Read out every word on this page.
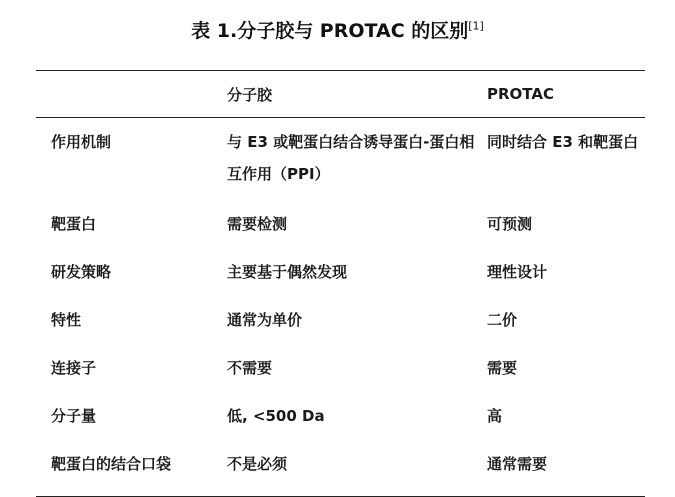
表 1.分子胶与 PROTAC 的区别[1]
	分子胶	PROTAC
作用机制	与 E3 或靶蛋白结合诱导蛋白-蛋白相互作用（PPI）	同时结合 E3 和靶蛋白
靶蛋白	需要检测	可预测
研发策略	主要基于偶然发现	理性设计
特性	通常为单价	二价
连接子	不需要	需要
分子量	低, <500 Da	高
靶蛋白的结合口袋	不是必须	通常需要
